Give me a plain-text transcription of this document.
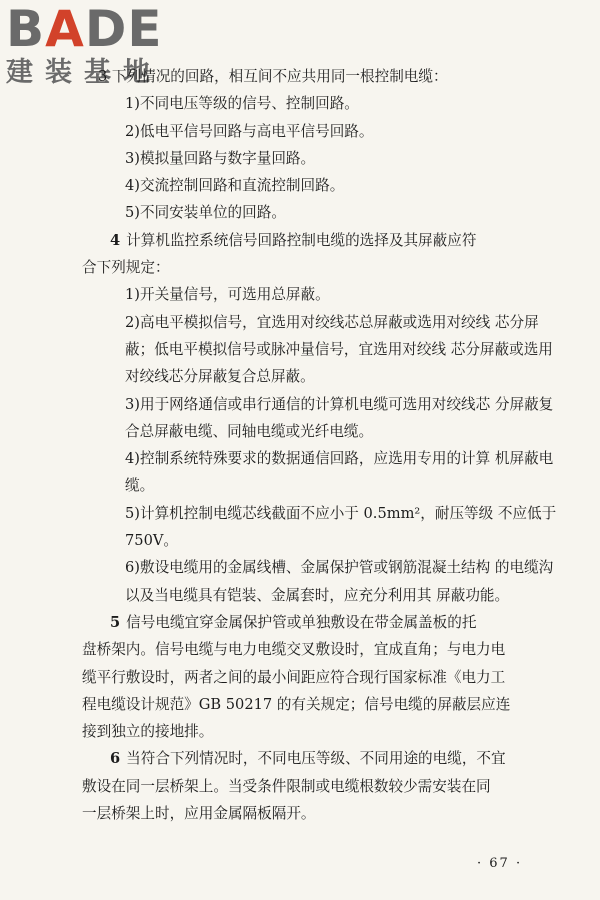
BADE
建装基地

3 下列情况的回路，相互间不应共用同一根控制电缆：

1)不同电压等级的信号、控制回路。

2)低电平信号回路与高电平信号回路。

3)模拟量回路与数字量回路。

4)交流控制回路和直流控制回路。

5)不同安装单位的回路。

4 计算机监控系统信号回路控制电缆的选择及其屏蔽应符

合下列规定：

1)开关量信号，可选用总屏蔽。

2)高电平模拟信号，宜选用对绞线芯总屏蔽或选用对绞线 芯分屏蔽；低电平模拟信号或脉冲量信号，宜选用对绞线 芯分屏蔽或选用对绞线芯分屏蔽复合总屏蔽。
3)用于网络通信或串行通信的计算机电缆可选用对绞线芯 分屏蔽复合总屏蔽电缆、同轴电缆或光纤电缆。
4)控制系统特殊要求的数据通信回路，应选用专用的计算 机屏蔽电缆。
5)计算机控制电缆芯线截面不应小于 0.5mm²，耐压等级 不应低于 750V。
6)敷设电缆用的金属线槽、金属保护管或钢筋混凝土结构 的电缆沟以及当电缆具有铠装、金属套时，应充分利用其 屏蔽功能。

5 信号电缆宜穿金属保护管或单独敷设在带金属盖板的托

盘桥架内。信号电缆与电力电缆交叉敷设时，宜成直角；与电力电

缆平行敷设时，两者之间的最小间距应符合现行国家标准《电力工

程电缆设计规范》GB 50217 的有关规定；信号电缆的屏蔽层应连

接到独立的接地排。

6 当符合下列情况时，不同电压等级、不同用途的电缆，不宜

敷设在同一层桥架上。当受条件限制或电缆根数较少需安装在同

一层桥架上时，应用金属隔板隔开。

· 67 ·
